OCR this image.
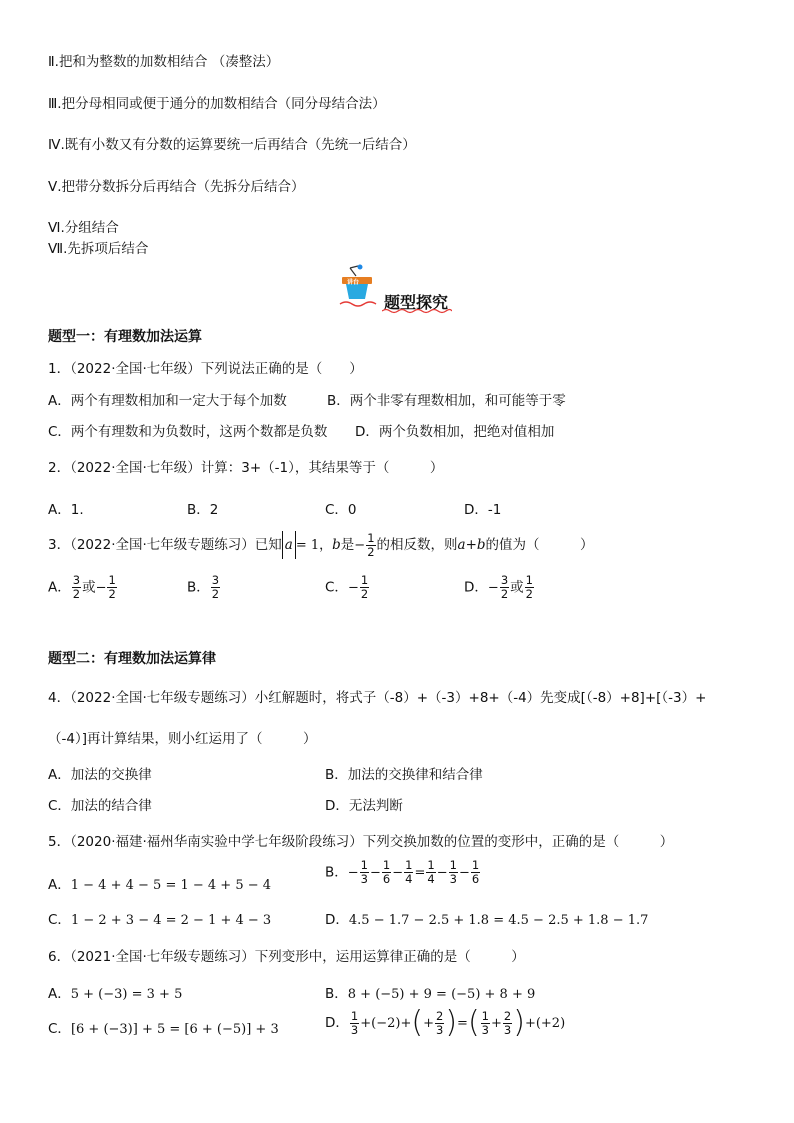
Ⅱ.把和为整数的加数相结合 （凑整法）
Ⅲ.把分母相同或便于通分的加数相结合（同分母结合法）
Ⅳ.既有小数又有分数的运算要统一后再结合（先统一后结合）
Ⅴ.把带分数拆分后再结合（先拆分后结合）
Ⅵ.分组结合
Ⅶ.先拆项后结合
讲台
题型探究
题型一：有理数加法运算
1．（2022·全国·七年级）下列说法正确的是（　　）
A．两个有理数相加和一定大于每个加数	B．两个非零有理数相加，和可能等于零
C．两个有理数和为负数时，这两个数都是负数 D．两个负数相加，把绝对值相加
2．（2022·全国·七年级）计算：3+（-1），其结果等于（　　　）
A．1.	B．2	C．0	D．-1
3．（2022·全国·七年级专题练习）已知 a = 1，b是− $\frac{1}{2}$ 的相反数，则a+b的值为（　　　）
A． $\frac{3}{2}$ 或− $\frac{1}{2}$	B． $\frac{3}{2}$	C．− $\frac{1}{2}$	D．− $\frac{3}{2}$ 或 $\frac{1}{2}$
题型二：有理数加法运算律
4．（2022·全国·七年级专题练习）小红解题时，将式子（-8）+（-3）+8+（-4）先变成[（-8）+8]+[（-3）+
（-4）]再计算结果，则小红运用了（　　　）
A．加法的交换律	B．加法的交换律和结合律
C．加法的结合律	D．无法判断
5．（2020·福建·福州华南实验中学七年级阶段练习）下列交换加数的位置的变形中，正确的是（　　　）
A．1 − 4 + 4 − 5 = 1 − 4 + 5 − 4
B．− $\frac{1}{3} - \frac{1}{6} - \frac{1}{4} = \frac{1}{4} - \frac{1}{3} - \frac{1}{6}$
C．1 − 2 + 3 − 4 = 2 − 1 + 4 − 3	D．4.5 − 1.7 − 2.5 + 1.8 = 4.5 − 2.5 + 1.8 − 1.7
6．（2021·全国·七年级专题练习）下列变形中，运用运算律正确的是（　　　）
A．5 + (−3) = 3 + 5	B．8 + (−5) + 9 = (−5) + 8 + 9
C．[6 + (−3)] + 5 = [6 + (−5)] + 3	D． $\frac{1}{3} +(-2)+(+ \frac{2}{3}$ )=( $\frac{1}{3} + \frac{2}{3} )+(+2)$
